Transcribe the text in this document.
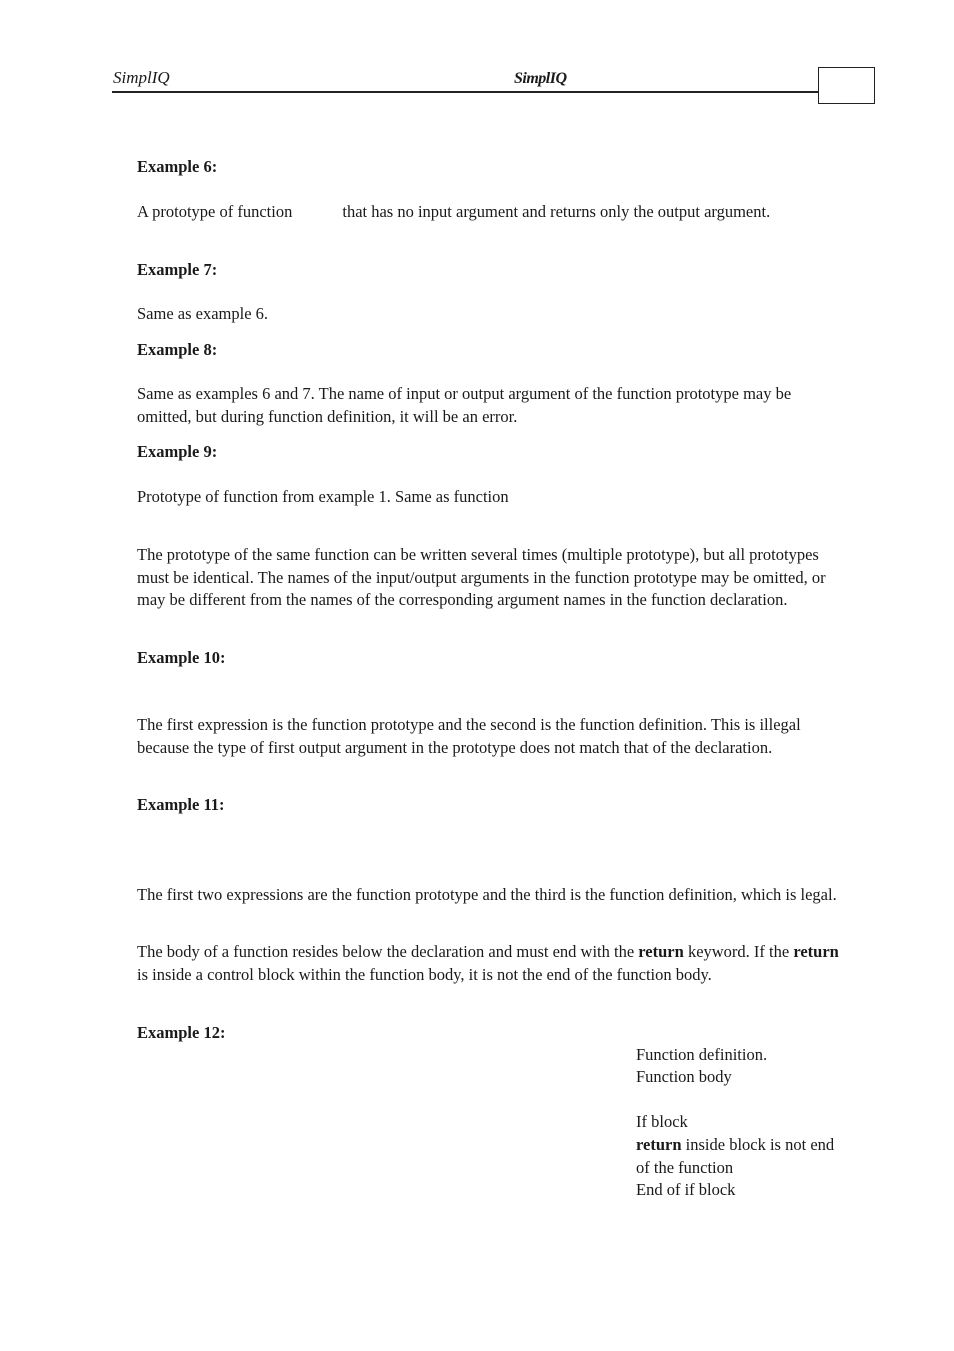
SimplIQ	SimplIQ
Example 6:

A prototype of function	that has no input argument and returns only the output argument.

Example 7:

Same as example 6.

Example 8:

Same as examples 6 and 7. The name of input or output argument of the function prototype may be omitted, but during function definition, it will be an error.

Example 9:

Prototype of function from example 1. Same as function

The prototype of the same function can be written several times (multiple prototype), but all prototypes must be identical. The names of the input/output arguments in the function prototype may be omitted, or may be different from the names of the corresponding argument names in the function declaration.

Example 10:

The first expression is the function prototype and the second is the function definition. This is illegal because the type of first output argument in the prototype does not match that of the declaration.

Example 11:

The first two expressions are the function prototype and the third is the function definition, which is legal.

The body of a function resides below the declaration and must end with the return keyword. If the return is inside a control block within the function body, it is not the end of the function body.

Example 12:

Function definition.

Function body

If block

return inside block is not end of the function

End of if block
